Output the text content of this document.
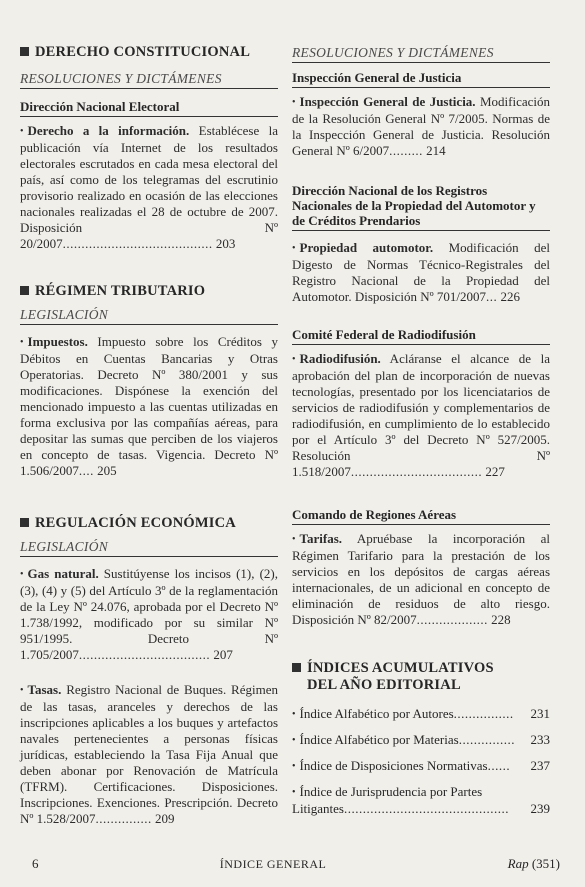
DERECHO CONSTITUCIONAL
RESOLUCIONES Y DICTÁMENES
Dirección Nacional Electoral
• Derecho a la información. Establécese la publicación vía Internet de los resultados electorales escrutados en cada mesa electoral del país, así como de los telegramas del escrutinio provisorio realizado en ocasión de las elecciones nacionales realizadas el 28 de octubre de 2007. Disposición Nº 20/2007........................................ 203
RÉGIMEN TRIBUTARIO
LEGISLACIÓN
• Impuestos. Impuesto sobre los Créditos y Débitos en Cuentas Bancarias y Otras Operatorias. Decreto Nº 380/2001 y sus modificaciones. Dispónese la exención del mencionado impuesto a las cuentas utilizadas en forma exclusiva por las compañías aéreas, para depositar las sumas que perciben de los viajeros en concepto de tasas. Vigencia. Decreto Nº 1.506/2007.... 205
REGULACIÓN ECONÓMICA
LEGISLACIÓN
• Gas natural. Sustitúyense los incisos (1), (2), (3), (4) y (5) del Artículo 3º de la reglamentación de la Ley Nº 24.076, aprobada por el Decreto Nº 1.738/1992, modificado por su similar Nº 951/1995. Decreto Nº 1.705/2007................................... 207
• Tasas. Registro Nacional de Buques. Régimen de las tasas, aranceles y derechos de las inscripciones aplicables a los buques y artefactos navales pertenecientes a personas físicas jurídicas, estableciendo la Tasa Fija Anual que deben abonar por Renovación de Matrícula (TFRM). Certificaciones. Disposiciones. Inscripciones. Exenciones. Prescripción. Decreto Nº 1.528/2007............... 209
RESOLUCIONES Y DICTÁMENES
Inspección General de Justicia
• Inspección General de Justicia. Modificación de la Resolución General Nº 7/2005. Normas de la Inspección General de Justicia. Resolución General Nº 6/2007......... 214
Dirección Nacional de los Registros Nacionales de la Propiedad del Automotor y de Créditos Prendarios
• Propiedad automotor. Modificación del Digesto de Normas Técnico-Registrales del Registro Nacional de la Propiedad del Automotor. Disposición Nº 701/2007... 226
Comité Federal de Radiodifusión
• Radiodifusión. Acláranse el alcance de la aprobación del plan de incorporación de nuevas tecnologías, presentado por los licenciatarios de servicios de radiodifusión y complementarios de radiodifusión, en cumplimiento de lo establecido por el Artículo 3º del Decreto Nº 527/2005. Resolución Nº 1.518/2007................................... 227
Comando de Regiones Aéreas
• Tarifas. Apruébase la incorporación al Régimen Tarifario para la prestación de los servicios en los depósitos de cargas aéreas internacionales, de un adicional en concepto de eliminación de residuos de alto riesgo. Disposición Nº 82/2007................... 228
ÍNDICES ACUMULATIVOS
DEL AÑO EDITORIAL
• Índice Alfabético por Autores................ 231
• Índice Alfabético por Materias............... 233
• Índice de Disposiciones Normativas...... 237
• Índice de Jurisprudencia por Partes
Litigantes............................................ 239
6	ÍNDICE GENERAL	Rap (351)
